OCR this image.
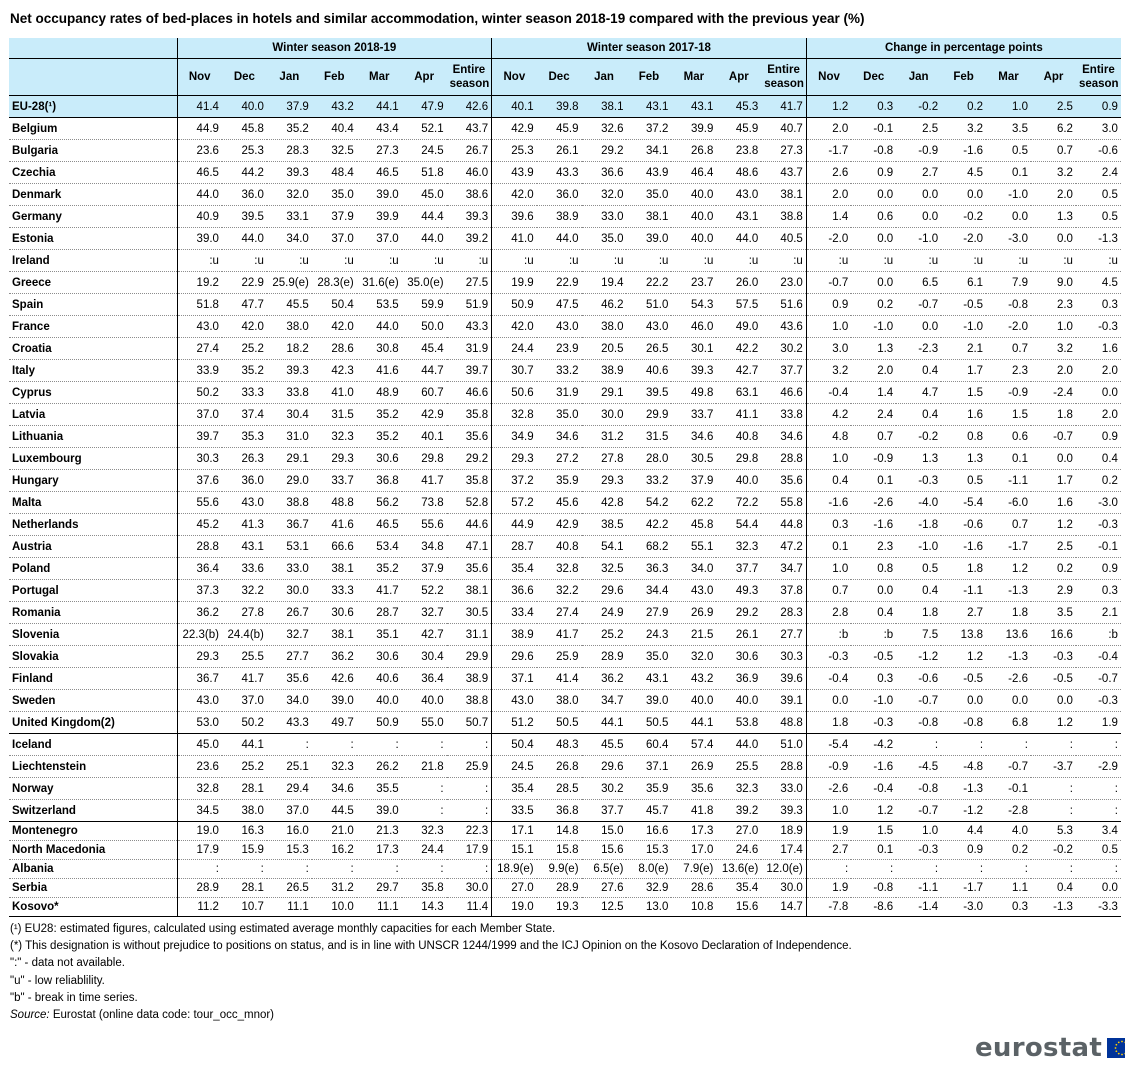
Net occupancy rates of bed-places in hotels and similar accommodation, winter season 2018-19 compared with the previous year (%)
	Winter season 2018-19							Winter season 2017-18							Change in percentage points						
	Nov	Dec	Jan	Feb	Mar	Apr	Entire
season	Nov	Dec	Jan	Feb	Mar	Apr	Entire
season	Nov	Dec	Jan	Feb	Mar	Apr	Entire
season
EU-28(¹)	41.4	40.0	37.9	43.2	44.1	47.9	42.6	40.1	39.8	38.1	43.1	43.1	45.3	41.7	1.2	0.3	-0.2	0.2	1.0	2.5	0.9
Belgium	44.9	45.8	35.2	40.4	43.4	52.1	43.7	42.9	45.9	32.6	37.2	39.9	45.9	40.7	2.0	-0.1	2.5	3.2	3.5	6.2	3.0
Bulgaria	23.6	25.3	28.3	32.5	27.3	24.5	26.7	25.3	26.1	29.2	34.1	26.8	23.8	27.3	-1.7	-0.8	-0.9	-1.6	0.5	0.7	-0.6
Czechia	46.5	44.2	39.3	48.4	46.5	51.8	46.0	43.9	43.3	36.6	43.9	46.4	48.6	43.7	2.6	0.9	2.7	4.5	0.1	3.2	2.4
Denmark	44.0	36.0	32.0	35.0	39.0	45.0	38.6	42.0	36.0	32.0	35.0	40.0	43.0	38.1	2.0	0.0	0.0	0.0	-1.0	2.0	0.5
Germany	40.9	39.5	33.1	37.9	39.9	44.4	39.3	39.6	38.9	33.0	38.1	40.0	43.1	38.8	1.4	0.6	0.0	-0.2	0.0	1.3	0.5
Estonia	39.0	44.0	34.0	37.0	37.0	44.0	39.2	41.0	44.0	35.0	39.0	40.0	44.0	40.5	-2.0	0.0	-1.0	-2.0	-3.0	0.0	-1.3
Ireland	:u	:u	:u	:u	:u	:u	:u	:u	:u	:u	:u	:u	:u	:u	:u	:u	:u	:u	:u	:u	:u
Greece	19.2	22.9	25.9(e)	28.3(e)	31.6(e)	35.0(e)	27.5	19.9	22.9	19.4	22.2	23.7	26.0	23.0	-0.7	0.0	6.5	6.1	7.9	9.0	4.5
Spain	51.8	47.7	45.5	50.4	53.5	59.9	51.9	50.9	47.5	46.2	51.0	54.3	57.5	51.6	0.9	0.2	-0.7	-0.5	-0.8	2.3	0.3
France	43.0	42.0	38.0	42.0	44.0	50.0	43.3	42.0	43.0	38.0	43.0	46.0	49.0	43.6	1.0	-1.0	0.0	-1.0	-2.0	1.0	-0.3
Croatia	27.4	25.2	18.2	28.6	30.8	45.4	31.9	24.4	23.9	20.5	26.5	30.1	42.2	30.2	3.0	1.3	-2.3	2.1	0.7	3.2	1.6
Italy	33.9	35.2	39.3	42.3	41.6	44.7	39.7	30.7	33.2	38.9	40.6	39.3	42.7	37.7	3.2	2.0	0.4	1.7	2.3	2.0	2.0
Cyprus	50.2	33.3	33.8	41.0	48.9	60.7	46.6	50.6	31.9	29.1	39.5	49.8	63.1	46.6	-0.4	1.4	4.7	1.5	-0.9	-2.4	0.0
Latvia	37.0	37.4	30.4	31.5	35.2	42.9	35.8	32.8	35.0	30.0	29.9	33.7	41.1	33.8	4.2	2.4	0.4	1.6	1.5	1.8	2.0
Lithuania	39.7	35.3	31.0	32.3	35.2	40.1	35.6	34.9	34.6	31.2	31.5	34.6	40.8	34.6	4.8	0.7	-0.2	0.8	0.6	-0.7	0.9
Luxembourg	30.3	26.3	29.1	29.3	30.6	29.8	29.2	29.3	27.2	27.8	28.0	30.5	29.8	28.8	1.0	-0.9	1.3	1.3	0.1	0.0	0.4
Hungary	37.6	36.0	29.0	33.7	36.8	41.7	35.8	37.2	35.9	29.3	33.2	37.9	40.0	35.6	0.4	0.1	-0.3	0.5	-1.1	1.7	0.2
Malta	55.6	43.0	38.8	48.8	56.2	73.8	52.8	57.2	45.6	42.8	54.2	62.2	72.2	55.8	-1.6	-2.6	-4.0	-5.4	-6.0	1.6	-3.0
Netherlands	45.2	41.3	36.7	41.6	46.5	55.6	44.6	44.9	42.9	38.5	42.2	45.8	54.4	44.8	0.3	-1.6	-1.8	-0.6	0.7	1.2	-0.3
Austria	28.8	43.1	53.1	66.6	53.4	34.8	47.1	28.7	40.8	54.1	68.2	55.1	32.3	47.2	0.1	2.3	-1.0	-1.6	-1.7	2.5	-0.1
Poland	36.4	33.6	33.0	38.1	35.2	37.9	35.6	35.4	32.8	32.5	36.3	34.0	37.7	34.7	1.0	0.8	0.5	1.8	1.2	0.2	0.9
Portugal	37.3	32.2	30.0	33.3	41.7	52.2	38.1	36.6	32.2	29.6	34.4	43.0	49.3	37.8	0.7	0.0	0.4	-1.1	-1.3	2.9	0.3
Romania	36.2	27.8	26.7	30.6	28.7	32.7	30.5	33.4	27.4	24.9	27.9	26.9	29.2	28.3	2.8	0.4	1.8	2.7	1.8	3.5	2.1
Slovenia	22.3(b)	24.4(b)	32.7	38.1	35.1	42.7	31.1	38.9	41.7	25.2	24.3	21.5	26.1	27.7	:b	:b	7.5	13.8	13.6	16.6	:b
Slovakia	29.3	25.5	27.7	36.2	30.6	30.4	29.9	29.6	25.9	28.9	35.0	32.0	30.6	30.3	-0.3	-0.5	-1.2	1.2	-1.3	-0.3	-0.4
Finland	36.7	41.7	35.6	42.6	40.6	36.4	38.9	37.1	41.4	36.2	43.1	43.2	36.9	39.6	-0.4	0.3	-0.6	-0.5	-2.6	-0.5	-0.7
Sweden	43.0	37.0	34.0	39.0	40.0	40.0	38.8	43.0	38.0	34.7	39.0	40.0	40.0	39.1	0.0	-1.0	-0.7	0.0	0.0	0.0	-0.3
United Kingdom(2)	53.0	50.2	43.3	49.7	50.9	55.0	50.7	51.2	50.5	44.1	50.5	44.1	53.8	48.8	1.8	-0.3	-0.8	-0.8	6.8	1.2	1.9
Iceland	45.0	44.1	:	:	:	:	:	50.4	48.3	45.5	60.4	57.4	44.0	51.0	-5.4	-4.2	:	:	:	:	:
Liechtenstein	23.6	25.2	25.1	32.3	26.2	21.8	25.9	24.5	26.8	29.6	37.1	26.9	25.5	28.8	-0.9	-1.6	-4.5	-4.8	-0.7	-3.7	-2.9
Norway	32.8	28.1	29.4	34.6	35.5	:	:	35.4	28.5	30.2	35.9	35.6	32.3	33.0	-2.6	-0.4	-0.8	-1.3	-0.1	:	:
Switzerland	34.5	38.0	37.0	44.5	39.0	:	:	33.5	36.8	37.7	45.7	41.8	39.2	39.3	1.0	1.2	-0.7	-1.2	-2.8	:	:
Montenegro	19.0	16.3	16.0	21.0	21.3	32.3	22.3	17.1	14.8	15.0	16.6	17.3	27.0	18.9	1.9	1.5	1.0	4.4	4.0	5.3	3.4
North Macedonia	17.9	15.9	15.3	16.2	17.3	24.4	17.9	15.1	15.8	15.6	15.3	17.0	24.6	17.4	2.7	0.1	-0.3	0.9	0.2	-0.2	0.5
Albania	:	:	:	:	:	:	:	18.9(e)	9.9(e)	6.5(e)	8.0(e)	7.9(e)	13.6(e)	12.0(e)	:	:	:	:	:	:	:
Serbia	28.9	28.1	26.5	31.2	29.7	35.8	30.0	27.0	28.9	27.6	32.9	28.6	35.4	30.0	1.9	-0.8	-1.1	-1.7	1.1	0.4	0.0
Kosovo*	11.2	10.7	11.1	10.0	11.1	14.3	11.4	19.0	19.3	12.5	13.0	10.8	15.6	14.7	-7.8	-8.6	-1.4	-3.0	0.3	-1.3	-3.3
(¹) EU28: estimated figures, calculated using estimated average monthly capacities for each Member State.
(*) This designation is without prejudice to positions on status, and is in line with UNSCR 1244/1999 and the ICJ Opinion on the Kosovo Declaration of Independence.
":" - data not available.
"u" - low reliablility.
"b" - break in time series.
Source: Eurostat (online data code: tour_occ_mnor)
eurostat
